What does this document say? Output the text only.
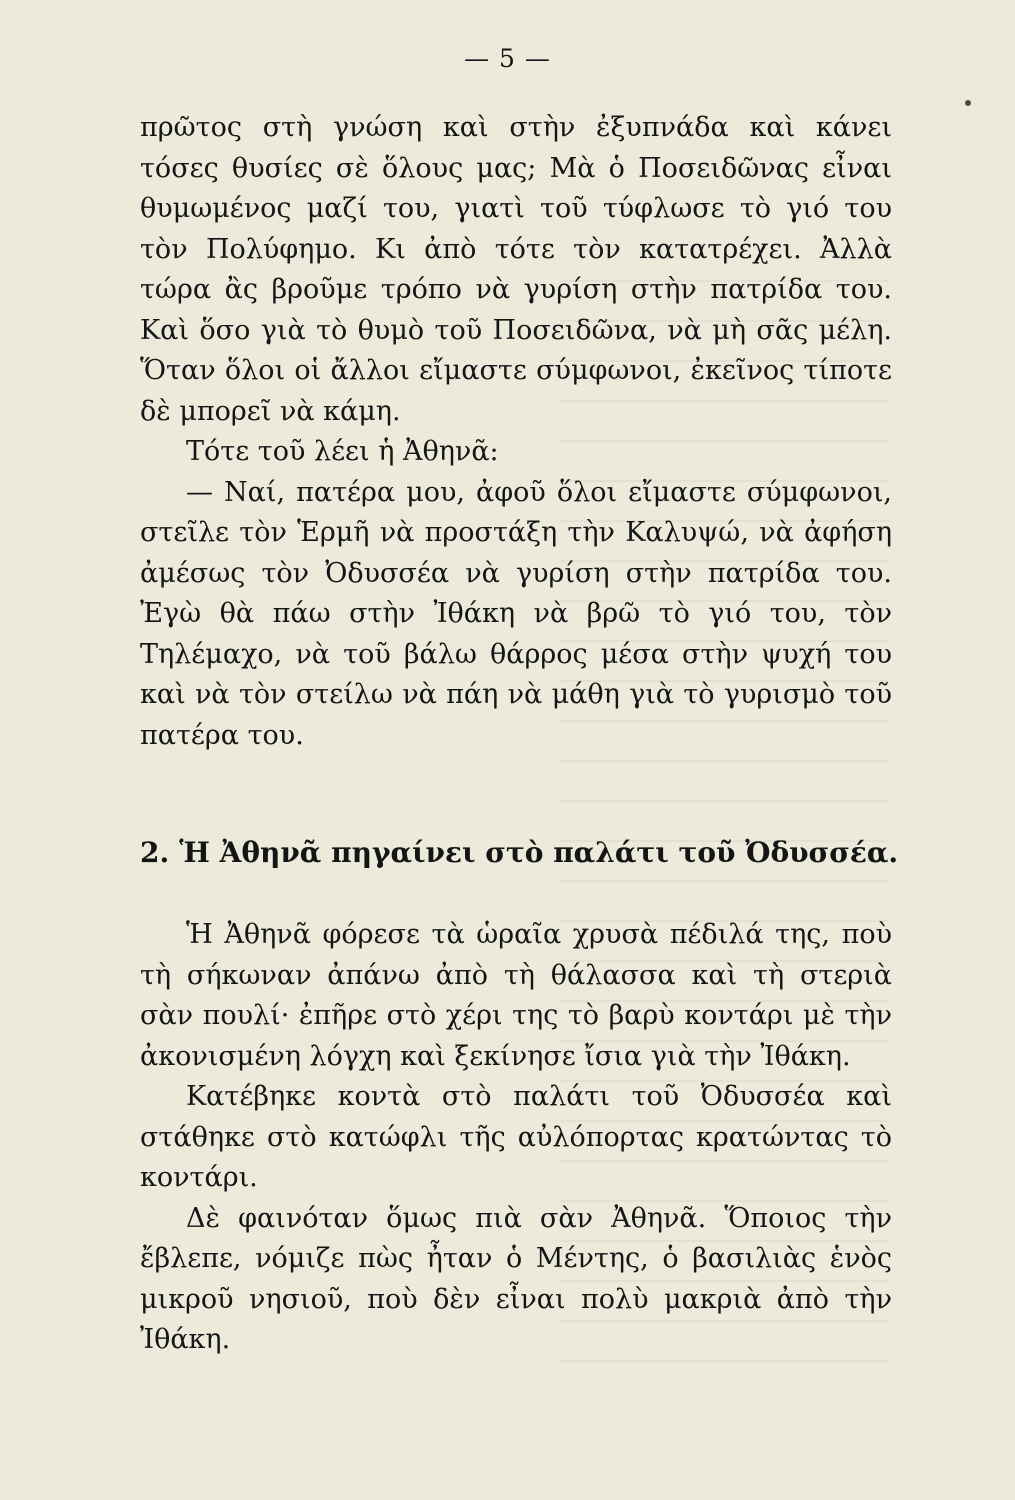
— 5 —

πρῶτος στὴ γνώση καὶ στὴν ἐξυπνάδα καὶ κάνει τόσες θυσίες σὲ ὅλους μας; Μὰ ὁ Ποσειδῶνας εἶναι θυμωμένος μαζί του, γιατὶ τοῦ τύφλωσε τὸ γιό του τὸν Πολύφημο. Κι ἀπὸ τότε τὸν κατατρέχει. Ἀλλὰ τώρα ἂς βροῦμε τρόπο νὰ γυρίση στὴν πατρίδα του. Καὶ ὅσο γιὰ τὸ θυμὸ τοῦ Ποσειδῶνα, νὰ μὴ σᾶς μέλη. Ὅταν ὅλοι οἱ ἄλλοι εἴμαστε σύμφωνοι, ἐκεῖνος τίποτε δὲ μπορεῖ νὰ κάμη.

Τότε τοῦ λέει ἡ Ἀθηνᾶ:

— Ναί, πατέρα μου, ἀφοῦ ὅλοι εἴμαστε σύμφωνοι, στεῖλε τὸν Ἑρμῆ νὰ προστάξη τὴν Καλυψώ, νὰ ἀφήση ἀμέσως τὸν Ὀδυσσέα νὰ γυρίση στὴν πατρίδα του. Ἐγὼ θὰ πάω στὴν Ἰθάκη νὰ βρῶ τὸ γιό του, τὸν Τηλέμαχο, νὰ τοῦ βάλω θάρρος μέσα στὴν ψυχή του καὶ νὰ τὸν στείλω νὰ πάη νὰ μάθη γιὰ τὸ γυρισμὸ τοῦ πατέρα του.

2. Ἡ Ἀθηνᾶ πηγαίνει στὸ παλάτι τοῦ Ὀδυσσέα.

Ἡ Ἀθηνᾶ φόρεσε τὰ ὡραῖα χρυσὰ πέδιλά της, ποὺ τὴ σήκωναν ἀπάνω ἀπὸ τὴ θάλασσα καὶ τὴ στεριὰ σὰν πουλί· ἐπῆρε στὸ χέρι της τὸ βαρὺ κοντάρι μὲ τὴν ἀκονισμένη λόγχη καὶ ξεκίνησε ἴσια γιὰ τὴν Ἰθάκη.

Κατέβηκε κοντὰ στὸ παλάτι τοῦ Ὀδυσσέα καὶ στάθηκε στὸ κατώφλι τῆς αὐλόπορτας κρατώντας τὸ κοντάρι.

Δὲ φαινόταν ὅμως πιὰ σὰν Ἀθηνᾶ. Ὅποιος τὴν ἔβλεπε, νόμιζε πὼς ἦταν ὁ Μέντης, ὁ βασιλιὰς ἑνὸς μικροῦ νησιοῦ, ποὺ δὲν εἶναι πολὺ μακριὰ ἀπὸ τὴν Ἰθάκη.
